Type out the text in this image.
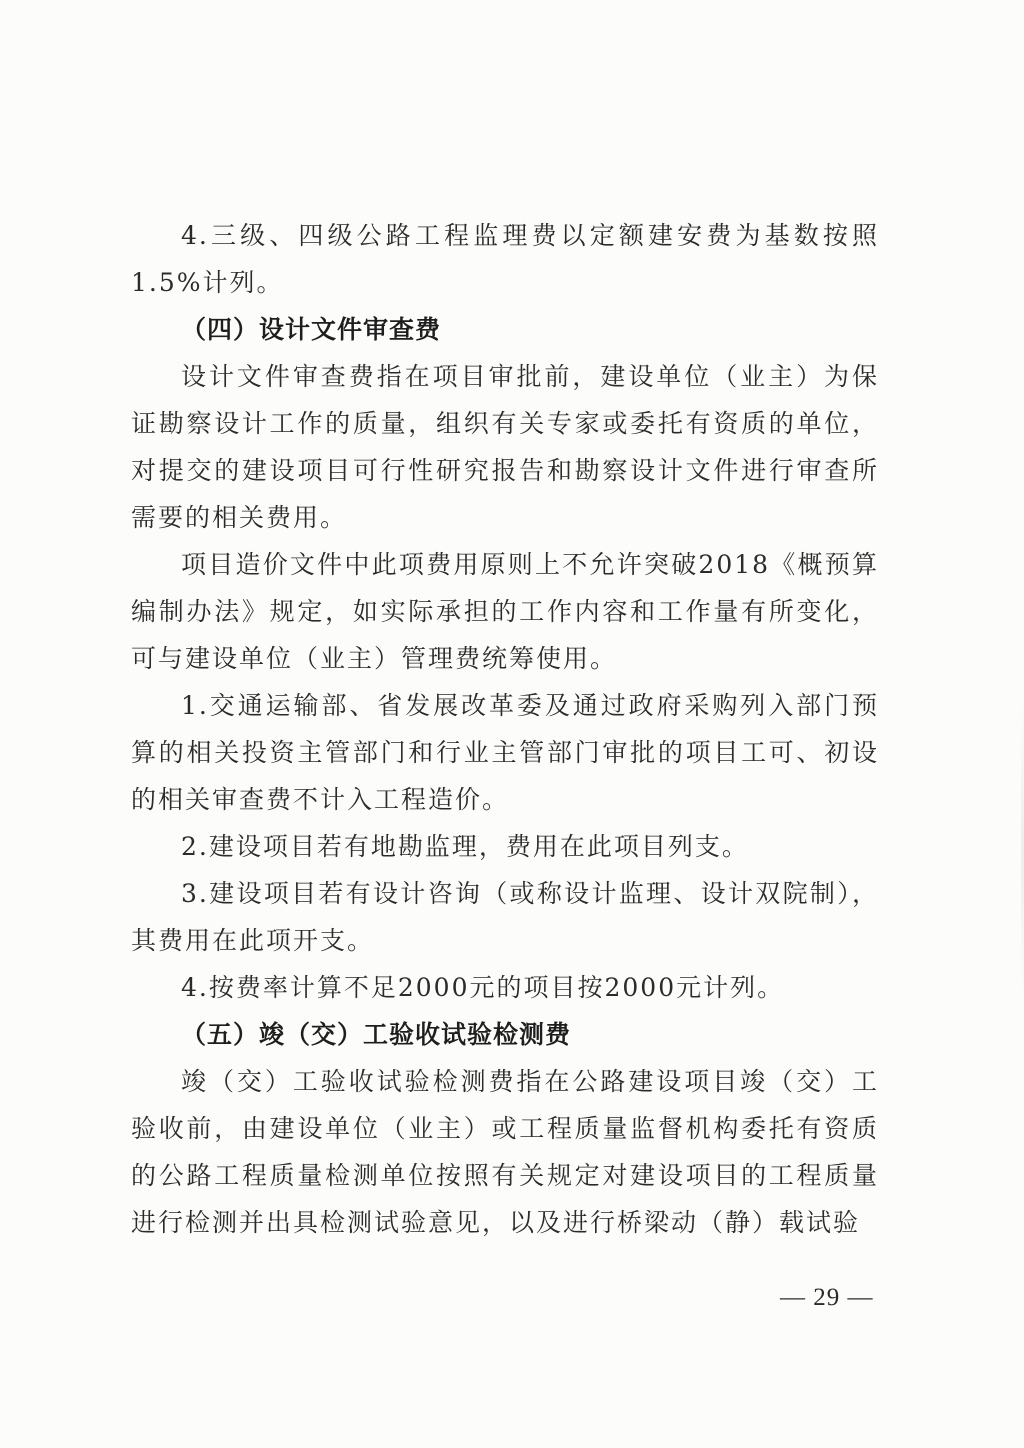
4.三级、四级公路工程监理费以定额建安费为基数按照1.5%计列。

（四）设计文件审查费

设计文件审查费指在项目审批前，建设单位（业主）为保证勘察设计工作的质量，组织有关专家或委托有资质的单位，对提交的建设项目可行性研究报告和勘察设计文件进行审查所需要的相关费用。

项目造价文件中此项费用原则上不允许突破2018《概预算编制办法》规定，如实际承担的工作内容和工作量有所变化，可与建设单位（业主）管理费统筹使用。

1.交通运输部、省发展改革委及通过政府采购列入部门预算的相关投资主管部门和行业主管部门审批的项目工可、初设的相关审查费不计入工程造价。

2.建设项目若有地勘监理，费用在此项目列支。

3.建设项目若有设计咨询（或称设计监理、设计双院制），其费用在此项开支。

4.按费率计算不足2000元的项目按2000元计列。

（五）竣（交）工验收试验检测费

竣（交）工验收试验检测费指在公路建设项目竣（交）工验收前，由建设单位（业主）或工程质量监督机构委托有资质的公路工程质量检测单位按照有关规定对建设项目的工程质量进行检测并出具检测试验意见，以及进行桥梁动（静）载试验

— 29 —
